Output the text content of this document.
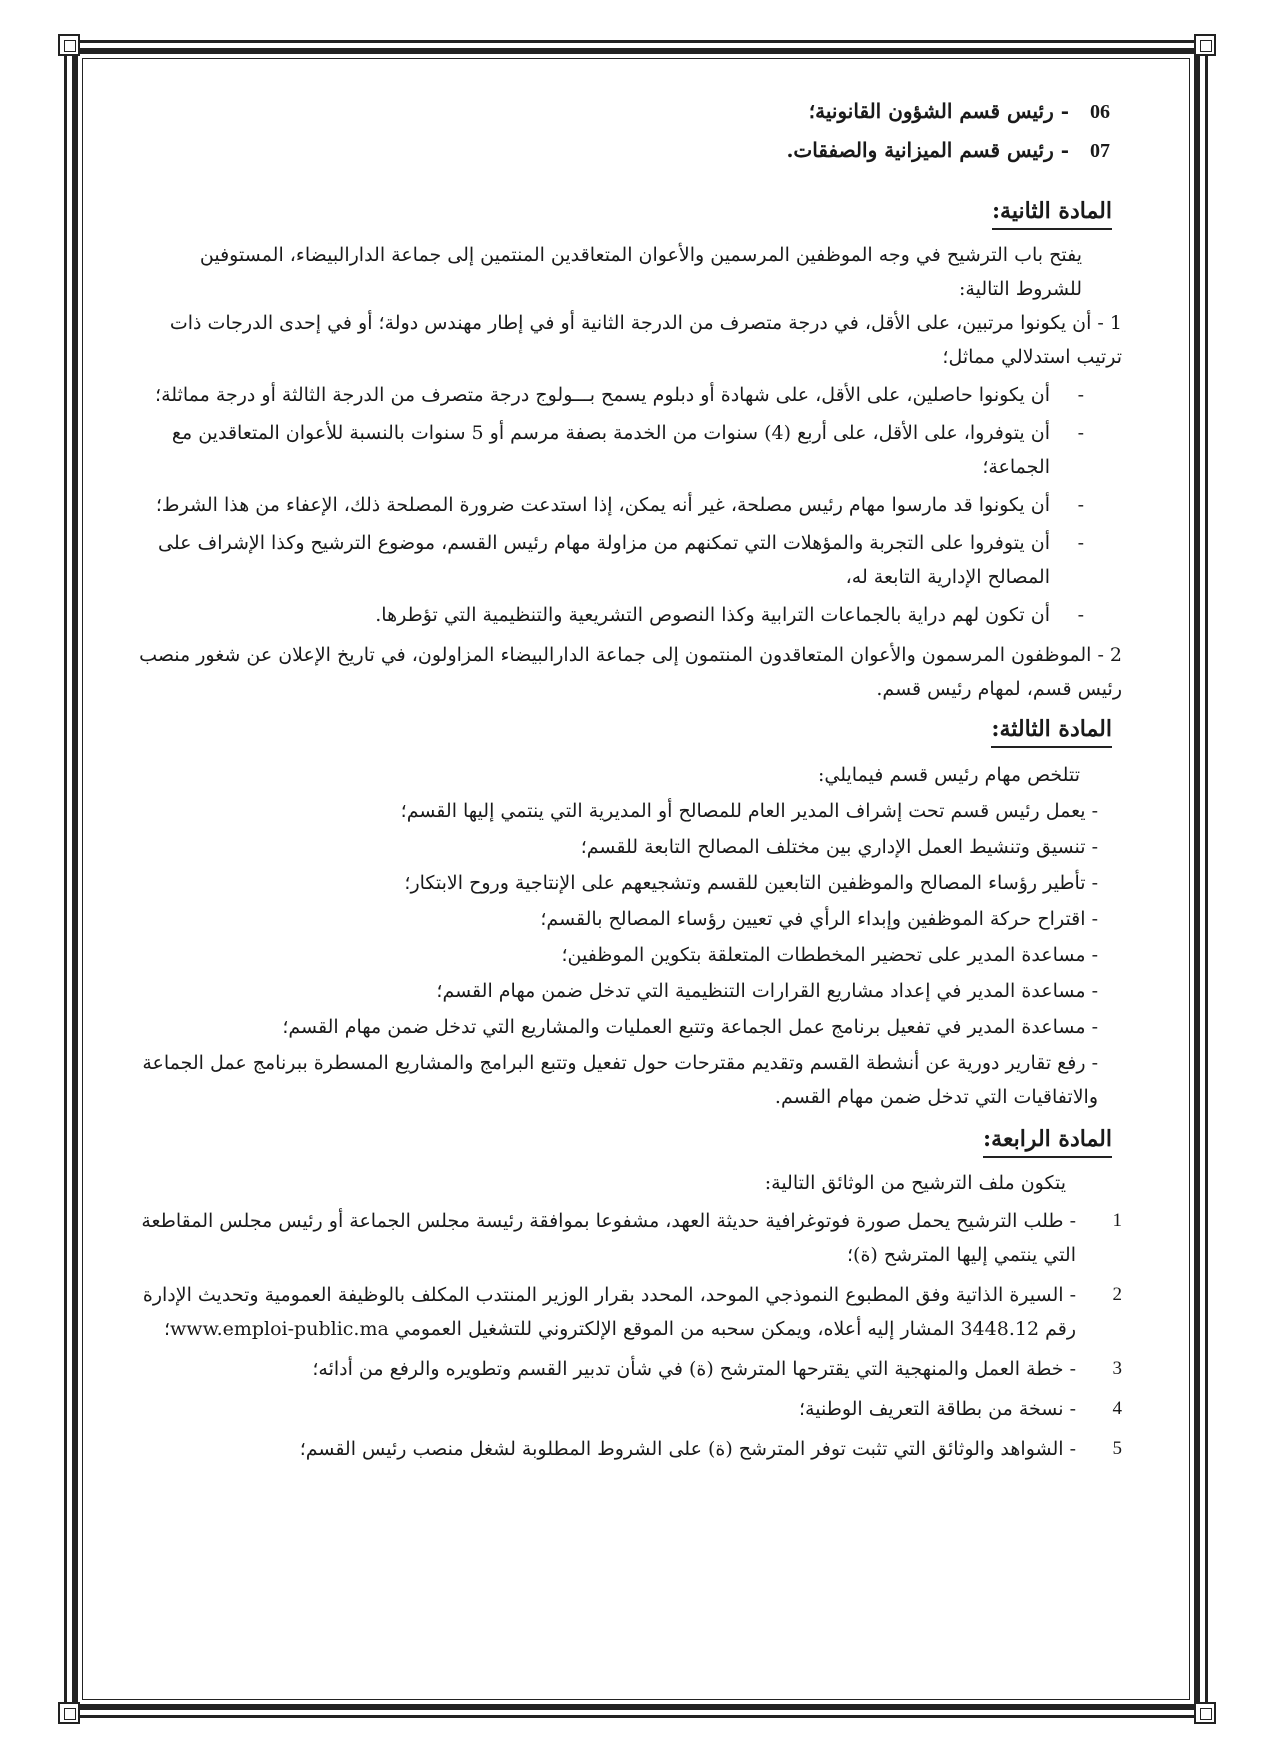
06 - رئيس قسم الشؤون القانونية؛
07 - رئيس قسم الميزانية والصفقات.
المادة الثانية:

يفتح باب الترشيح في وجه الموظفين المرسمين والأعوان المتعاقدين المنتمين إلى جماعة الدارالبيضاء، المستوفين للشروط التالية:

1 - أن يكونوا مرتبين، على الأقل، في درجة متصرف من الدرجة الثانية أو في إطار مهندس دولة؛ أو في إحدى الدرجات ذات ترتيب استدلالي مماثل؛

- أن يكونوا حاصلين، على الأقل، على شهادة أو دبلوم يسمح بـــولوج درجة متصرف من الدرجة الثالثة أو درجة مماثلة؛
- أن يتوفروا، على الأقل، على أربع (4) سنوات من الخدمة بصفة مرسم أو 5 سنوات بالنسبة للأعوان المتعاقدين مع الجماعة؛
- أن يكونوا قد مارسوا مهام رئيس مصلحة، غير أنه يمكن، إذا استدعت ضرورة المصلحة ذلك، الإعفاء من هذا الشرط؛
- أن يتوفروا على التجربة والمؤهلات التي تمكنهم من مزاولة مهام رئيس القسم، موضوع الترشيح وكذا الإشراف على المصالح الإدارية التابعة له،
- أن تكون لهم دراية بالجماعات الترابية وكذا النصوص التشريعية والتنظيمية التي تؤطرها.

2 - الموظفون المرسمون والأعوان المتعاقدون المنتمون إلى جماعة الدارالبيضاء المزاولون، في تاريخ الإعلان عن شغور منصب رئيس قسم، لمهام رئيس قسم.

المادة الثالثة:
تتلخص مهام رئيس قسم فيمايلي:
- يعمل رئيس قسم تحت إشراف المدير العام للمصالح أو المديرية التي ينتمي إليها القسم؛
- تنسيق وتنشيط العمل الإداري بين مختلف المصالح التابعة للقسم؛
- تأطير رؤساء المصالح والموظفين التابعين للقسم وتشجيعهم على الإنتاجية وروح الابتكار؛
- اقتراح حركة الموظفين وإبداء الرأي في تعيين رؤساء المصالح بالقسم؛
- مساعدة المدير على تحضير المخططات المتعلقة بتكوين الموظفين؛
- مساعدة المدير في إعداد مشاريع القرارات التنظيمية التي تدخل ضمن مهام القسم؛
- مساعدة المدير في تفعيل برنامج عمل الجماعة وتتبع العمليات والمشاريع التي تدخل ضمن مهام القسم؛
- رفع تقارير دورية عن أنشطة القسم وتقديم مقترحات حول تفعيل وتتبع البرامج والمشاريع المسطرة ببرنامج عمل الجماعة والاتفاقيات التي تدخل ضمن مهام القسم.
المادة الرابعة:

يتكون ملف الترشيح من الوثائق التالية:

1
- طلب الترشيح يحمل صورة فوتوغرافية حديثة العهد، مشفوعا بموافقة رئيسة مجلس الجماعة أو رئيس مجلس المقاطعة التي ينتمي إليها المترشح (ة)؛
2
- السيرة الذاتية وفق المطبوع النموذجي الموحد، المحدد بقرار الوزير المنتدب المكلف بالوظيفة العمومية وتحديث الإدارة رقم 3448.12 المشار إليه أعلاه، ويمكن سحبه من الموقع الإلكتروني للتشغيل العمومي www.emploi-public.ma؛
3
- خطة العمل والمنهجية التي يقترحها المترشح (ة) في شأن تدبير القسم وتطويره والرفع من أدائه؛
4
- نسخة من بطاقة التعريف الوطنية؛
5
- الشواهد والوثائق التي تثبت توفر المترشح (ة) على الشروط المطلوبة لشغل منصب رئيس القسم؛
